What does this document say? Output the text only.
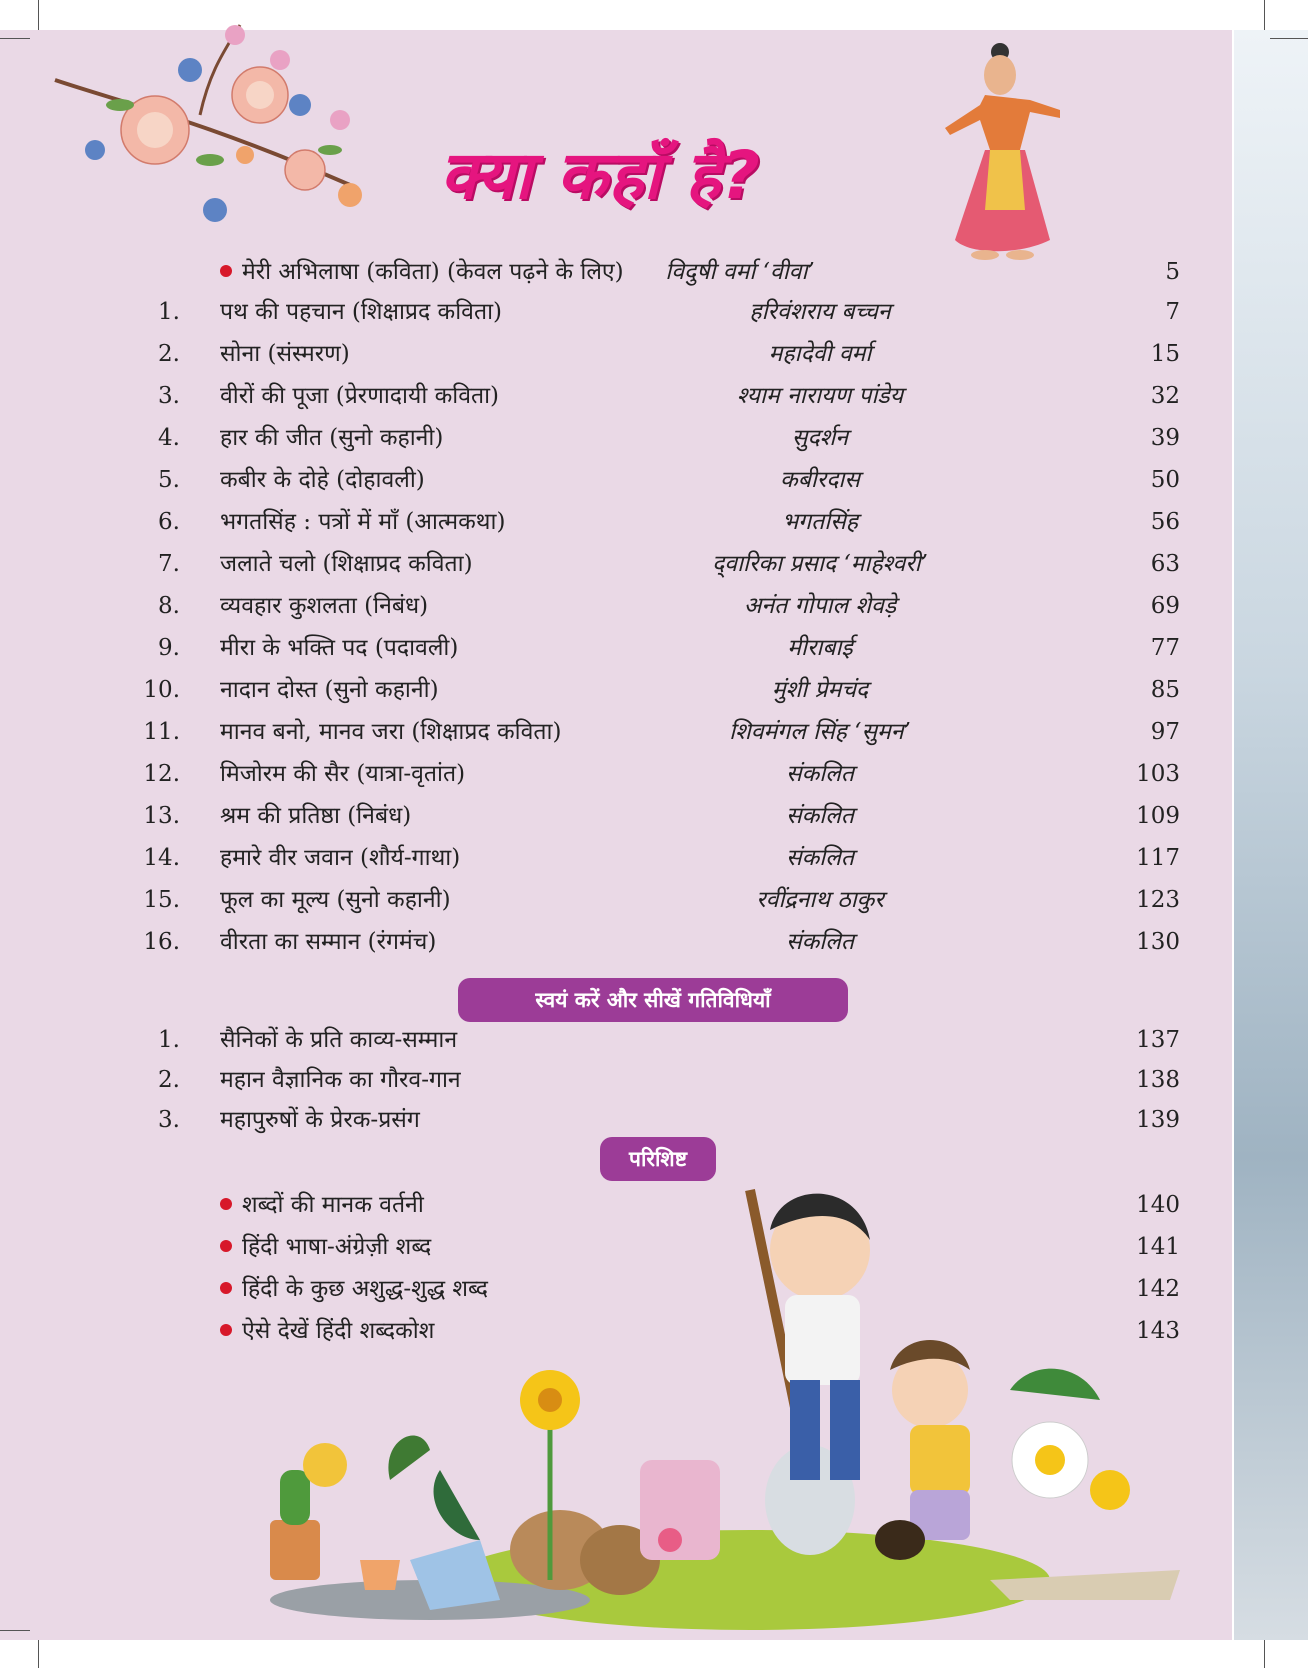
क्या कहाँ है?
मेरी अभिलाषा (कविता) (केवल पढ़ने के लिए)	विदुषी वर्मा ‘वीवा’	5
1. पथ की पहचान (शिक्षाप्रद कविता)	हरिवंशराय बच्चन	7
2. सोना (संस्मरण)	महादेवी वर्मा	15
3. वीरों की पूजा (प्रेरणादायी कविता)	श्याम नारायण पांडेय	32
4. हार की जीत (सुनो कहानी)	सुदर्शन	39
5. कबीर के दोहे (दोहावली)	कबीरदास	50
6. भगतसिंह : पत्रों में माँ (आत्मकथा)	भगतसिंह	56
7. जलाते चलो (शिक्षाप्रद कविता)	द्‌वारिका प्रसाद ‘माहेश्वरी’	63
8. व्यवहार कुशलता (निबंध)	अनंत गोपाल शेवड़े	69
9. मीरा के भक्ति पद (पदावली)	मीराबाई	77
10. नादान दोस्त (सुनो कहानी)	मुंशी प्रेमचंद	85
11. मानव बनो, मानव जरा (शिक्षाप्रद कविता)	शिवमंगल सिंह ‘सुमन’	97
12. मिजोरम की सैर (यात्रा-वृतांत)	संकलित	103
13. श्रम की प्रतिष्ठा (निबंध)	संकलित	109
14. हमारे वीर जवान (शौर्य-गाथा)	संकलित	117
15. फूल का मूल्य (सुनो कहानी)	रवींद्रनाथ ठाकुर	123
16. वीरता का सम्मान (रंगमंच)	संकलित	130
स्वयं करें और सीखें गतिविधियाँ
1. सैनिकों के प्रति काव्य-सम्मान	137
2. महान वैज्ञानिक का गौरव-गान	138
3. महापुरुषों के प्रेरक-प्रसंग	139
परिशिष्ट
शब्दों की मानक वर्तनी	140
हिंदी भाषा-अंग्रेज़ी शब्द	141
हिंदी के कुछ अशुद्ध-शुद्ध शब्द	142
ऐसे देखें हिंदी शब्दकोश	143
